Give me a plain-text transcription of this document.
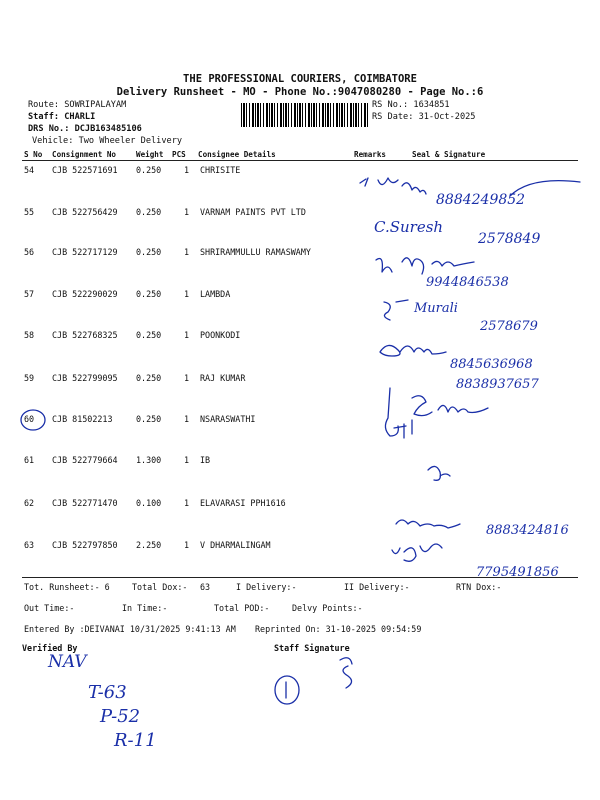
THE PROFESSIONAL COURIERS, COIMBATORE
Delivery Runsheet - MO - Phone No.:9047080280 - Page No.:6
Route: SOWRIPALAYAM
Staff: CHARLI
DRS No.: DCJB163485106
Vehicle: Two Wheeler Delivery
RS No.: 1634851
RS Date: 31-Oct-2025
S No Consignment No	Weight PCS Consignee Details	Remarks	Seal & Signature
54 CJB 522571691 0.250	1 CHRISITE
55 CJB 522756429 0.250	1 VARNAM PAINTS PVT LTD
56 CJB 522717129 0.250	1 SHRIRAMMULLU RAMASWAMY
57 CJB 522290029 0.250	1 LAMBDA
58 CJB 522768325 0.250	1 POONKODI
59 CJB 522799095 0.250	1 RAJ KUMAR
60 CJB 81502213	0.250	1 NSARASWATHI
61 CJB 522779664 1.300	1 IB
62 CJB 522771470 0.100	1 ELAVARASI PPH1616
63 CJB 522797850 2.250	1 V DHARMALINGAM
Tot. Runsheet:- 6	Total Dox:- 63	I Delivery:-	II Delivery:-	RTN Dox:-
Out Time:-	In Time:-	Total POD:-	Delvy Points:-
Entered By :DEIVANAI 10/31/2025 9:41:13 AM Reprinted On: 31-10-2025 09:54:59
Verified By	Staff Signature
8884249852
C.Suresh
2578849
9944846538
Murali
2578679
8845636968
8838937657
8883424816
7795491856
NAV
T-63
P-52
R-11
